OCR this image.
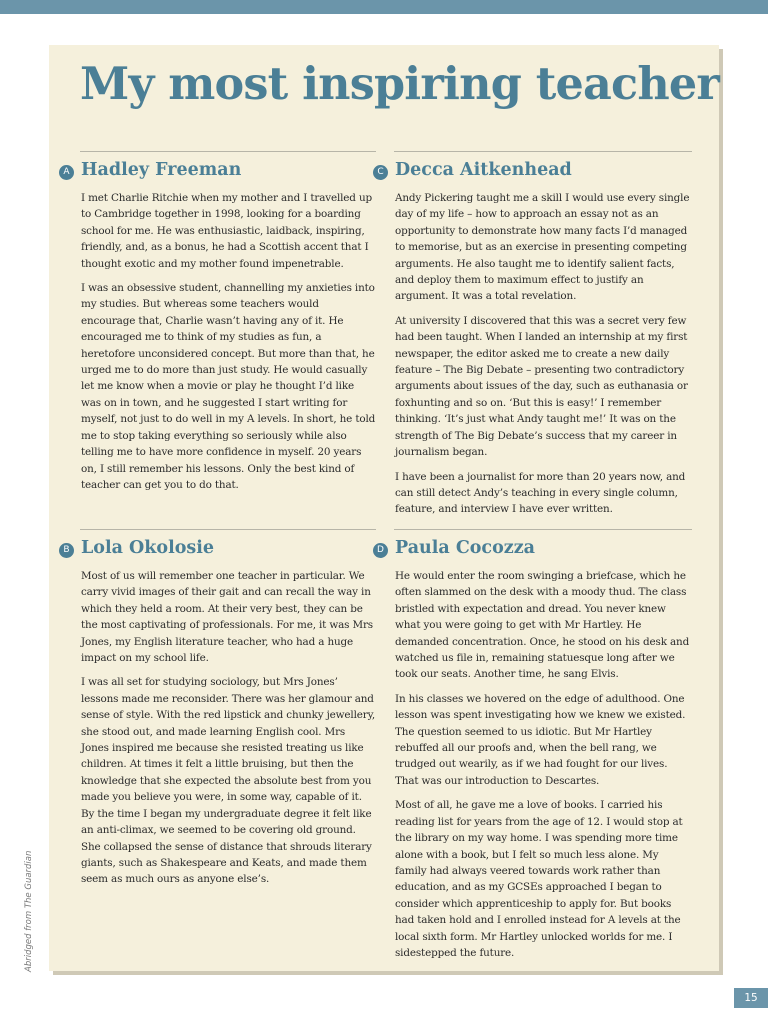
Abridged from The Guardian
My most inspiring teacher
A Hadley Freeman

I met Charlie Ritchie when my mother and I travelled up to Cambridge together in 1998, looking for a boarding school for me. He was enthusiastic, laidback, inspiring, friendly, and, as a bonus, he had a Scottish accent that I thought exotic and my mother found impenetrable.

I was an obsessive student, channelling my anxieties into my studies. But whereas some teachers would encourage that, Charlie wasn’t having any of it. He encouraged me to think of my studies as fun, a heretofore unconsidered concept. But more than that, he urged me to do more than just study. He would casually let me know when a movie or play he thought I’d like was on in town, and he suggested I start writing for myself, not just to do well in my A levels. In short, he told me to stop taking everything so seriously while also telling me to have more confidence in myself. 20 years on, I still remember his lessons. Only the best kind of teacher can get you to do that.

B Lola Okolosie

Most of us will remember one teacher in particular. We carry vivid images of their gait and can recall the way in which they held a room. At their very best, they can be the most captivating of professionals. For me, it was Mrs Jones, my English literature teacher, who had a huge impact on my school life.

I was all set for studying sociology, but Mrs Jones’ lessons made me reconsider. There was her glamour and sense of style. With the red lipstick and chunky jewellery, she stood out, and made learning English cool. Mrs Jones inspired me because she resisted treating us like children. At times it felt a little bruising, but then the knowledge that she expected the absolute best from you made you believe you were, in some way, capable of it. By the time I began my undergraduate degree it felt like an anti-climax, we seemed to be covering old ground. She collapsed the sense of distance that shrouds literary giants, such as Shakespeare and Keats, and made them seem as much ours as anyone else’s.

C Decca Aitkenhead

Andy Pickering taught me a skill I would use every single day of my life – how to approach an essay not as an opportunity to demonstrate how many facts I’d managed to memorise, but as an exercise in presenting competing arguments. He also taught me to identify salient facts, and deploy them to maximum effect to justify an argument. It was a total revelation.

At university I discovered that this was a secret very few had been taught. When I landed an internship at my first newspaper, the editor asked me to create a new daily feature – The Big Debate – presenting two contradictory arguments about issues of the day, such as euthanasia or foxhunting and so on. ‘But this is easy!’ I remember thinking. ‘It’s just what Andy taught me!’ It was on the strength of The Big Debate’s success that my career in journalism began.

I have been a journalist for more than 20 years now, and can still detect Andy’s teaching in every single column, feature, and interview I have ever written.

D Paula Cocozza

He would enter the room swinging a briefcase, which he often slammed on the desk with a moody thud. The class bristled with expectation and dread. You never knew what you were going to get with Mr Hartley. He demanded concentration. Once, he stood on his desk and watched us file in, remaining statuesque long after we took our seats. Another time, he sang Elvis.

In his classes we hovered on the edge of adulthood. One lesson was spent investigating how we knew we existed. The question seemed to us idiotic. But Mr Hartley rebuffed all our proofs and, when the bell rang, we trudged out wearily, as if we had fought for our lives. That was our introduction to Descartes.

Most of all, he gave me a love of books. I carried his reading list for years from the age of 12. I would stop at the library on my way home. I was spending more time alone with a book, but I felt so much less alone. My family had always veered towards work rather than education, and as my GCSEs approached I began to consider which apprenticeship to apply for. But books had taken hold and I enrolled instead for A levels at the local sixth form. Mr Hartley unlocked worlds for me. I sidestepped the future.

15
